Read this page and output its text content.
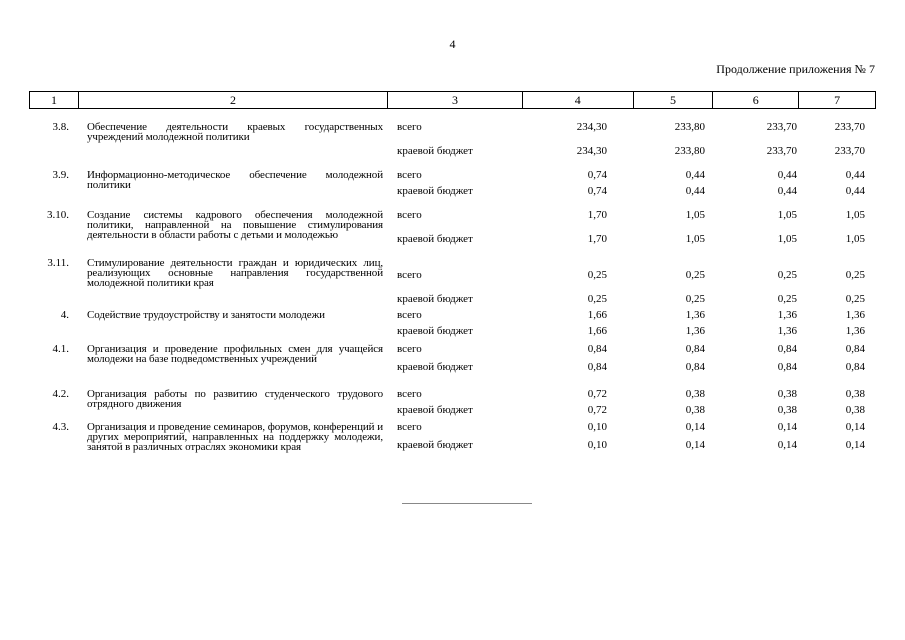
4
Продолжение приложения № 7
1	2	3	4	5	6	7
3.8. Обеспечение деятельности краевых государственных учреждений молодежной политики
всего	234,30	233,80	233,70	233,70
краевой бюджет	234,30	233,80	233,70	233,70
3.9. Информационно-методическое обеспечение молодежной политики
всего	0,74	0,44	0,44	0,44
краевой бюджет	0,74	0,44	0,44	0,44
3.10. Создание системы кадрового обеспечения молодежной политики, направленной на повышение стимулирования деятельности в области работы с детьми и молодежью
всего	1,70	1,05	1,05	1,05
краевой бюджет	1,70	1,05	1,05	1,05
3.11. Стимулирование деятельности граждан и юридических лиц, реализующих основные направления государственной молодежной политики края
всего	0,25	0,25	0,25	0,25
краевой бюджет	0,25	0,25	0,25	0,25
4. Содействие трудоустройству и занятости молодежи	всего	1,66	1,36	1,36	1,36
краевой бюджет	1,66	1,36	1,36	1,36
4.1. Организация и проведение профильных смен для учащейся молодежи на базе подведомственных учреждений
всего	0,84	0,84	0,84	0,84
краевой бюджет	0,84	0,84	0,84	0,84
4.2. Организация работы по развитию студенческого трудового отрядного движения
всего	0,72	0,38	0,38	0,38
краевой бюджет	0,72	0,38	0,38	0,38
4.3. Организация и проведение семинаров, форумов, конференций и других мероприятий, направленных на поддержку молодежи, занятой в различных отраслях экономики края
всего	0,10	0,14	0,14	0,14
краевой бюджет	0,10	0,14	0,14	0,14
